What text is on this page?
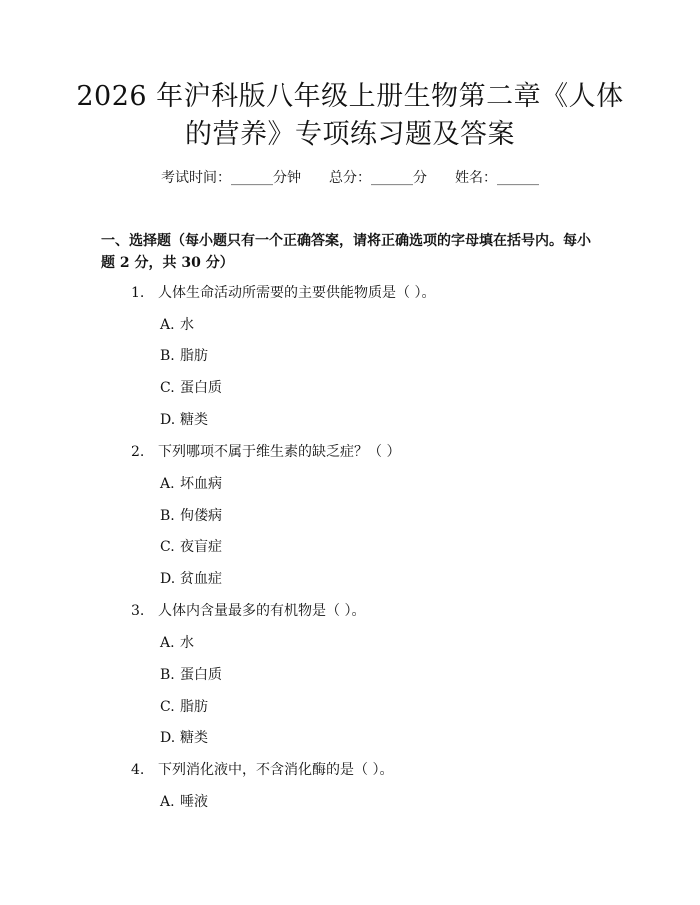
2026 年沪科版八年级上册生物第二章《人体
的营养》专项练习题及答案
考试时间：______分钟 总分：______分 姓名：______

一、选择题（每小题只有一个正确答案，请将正确选项的字母填在括号内。每小题 2 分，共 30 分）

1. 人体生命活动所需要的主要供能物质是（ ）。
A. 水
B. 脂肪
C. 蛋白质
D. 糖类
2. 下列哪项不属于维生素的缺乏症？（ ）
A. 坏血病
B. 佝偻病
C. 夜盲症
D. 贫血症
3. 人体内含量最多的有机物是（ ）。
A. 水
B. 蛋白质
C. 脂肪
D. 糖类
4. 下列消化液中，不含消化酶的是（ ）。
A. 唾液
